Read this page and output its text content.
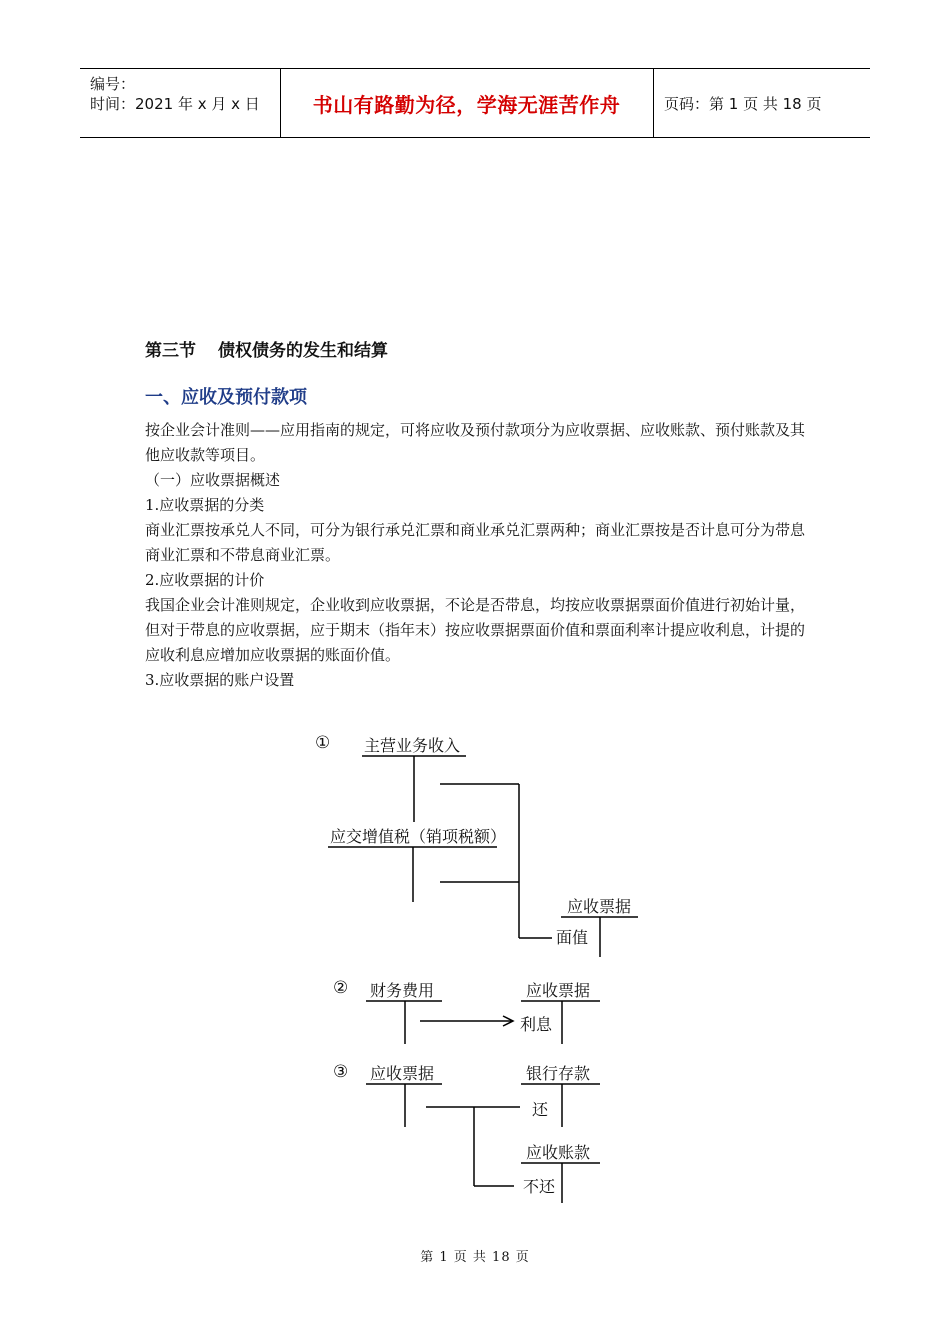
编号：
时间：2021 年 x 月 x 日	书山有路勤为径，学海无涯苦作舟	页码：第 1 页 共 18 页
第三节 债权债务的发生和结算
一、应收及预付款项
按企业会计准则——应用指南的规定，可将应收及预付款项分为应收票据、应收账款、预付账款及其他应收款等项目。
（一）应收票据概述
1.应收票据的分类
商业汇票按承兑人不同，可分为银行承兑汇票和商业承兑汇票两种；商业汇票按是否计息可分为带息商业汇票和不带息商业汇票。
2.应收票据的计价
我国企业会计准则规定，企业收到应收票据，不论是否带息，均按应收票据票面价值进行初始计量，但对于带息的应收票据，应于期末（指年末）按应收票据票面价值和票面利率计提应收利息，计提的应收利息应增加应收票据的账面价值。
3.应收票据的账户设置
① 主营业务收入
应交增值税（销项税额）
应收票据
面值
② 财务费用	应收票据
利息
③ 应收票据	银行存款
还
应收账款
不还
第 1 页 共 18 页
